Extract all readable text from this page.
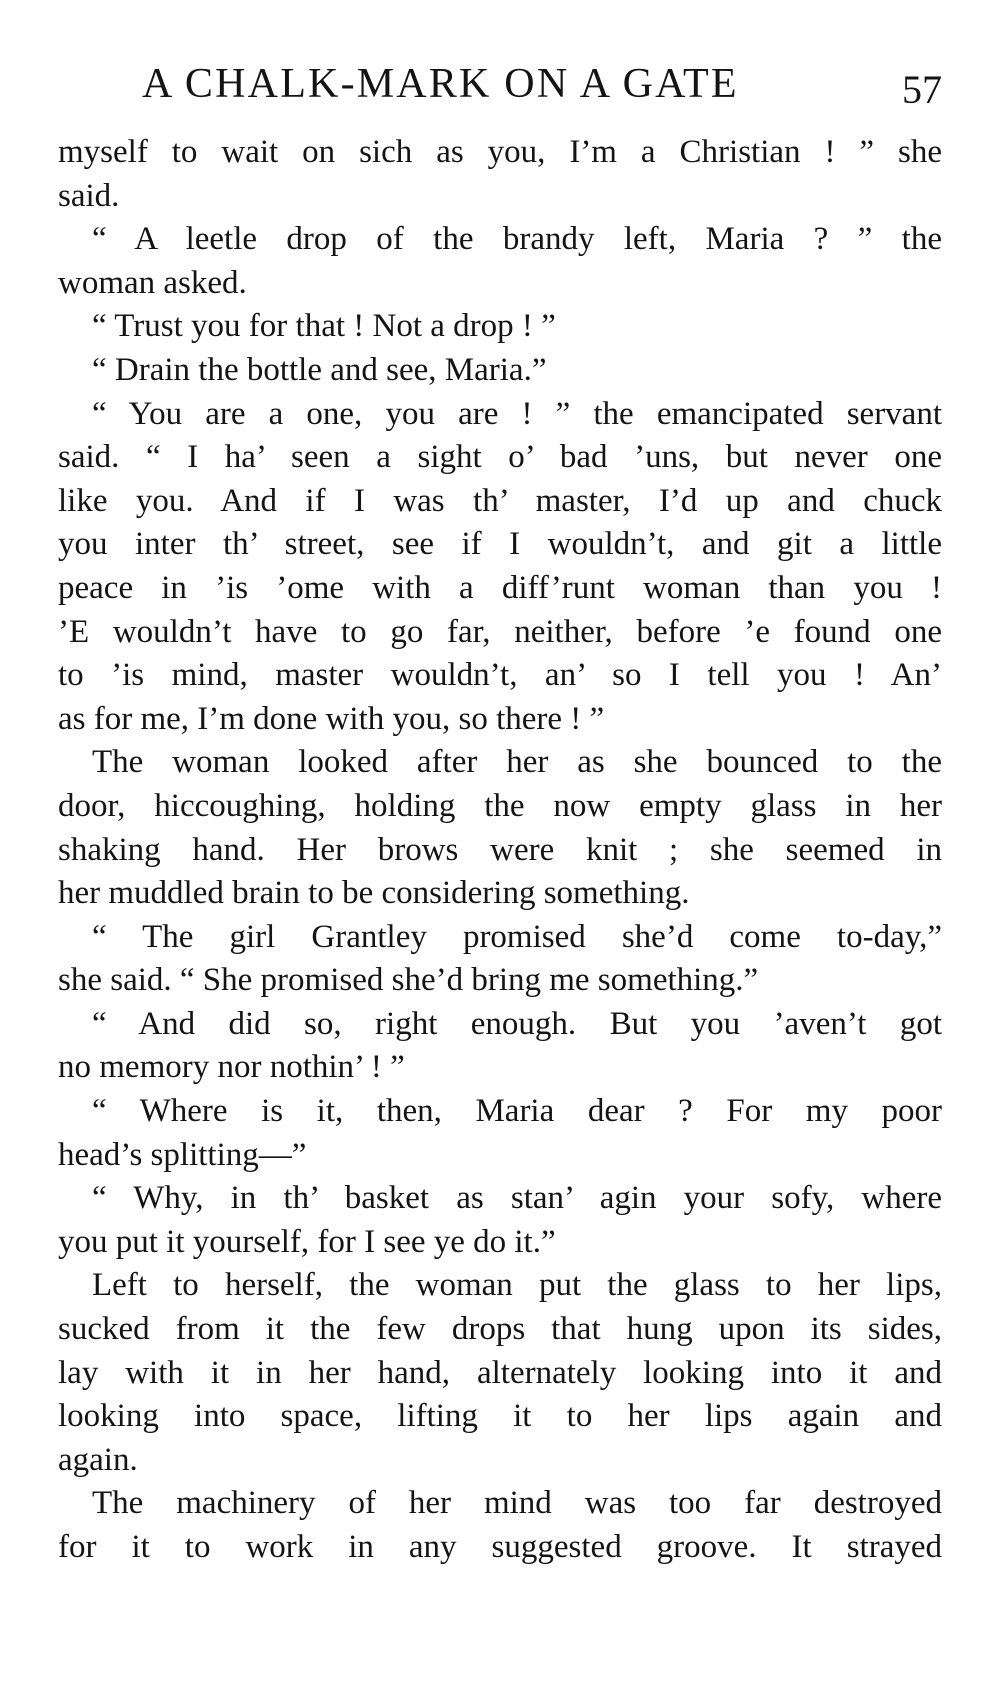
A CHALK-MARK ON A GATE	57
myself to wait on sich as you, I’m a Christian ! ” she
said.
“ A leetle drop of the brandy left, Maria ? ” the
woman asked.
“ Trust you for that ! Not a drop ! ”
“ Drain the bottle and see, Maria.”
“ You are a one, you are ! ” the emancipated servant
said. “ I ha’ seen a sight o’ bad ’uns, but never one
like you. And if I was th’ master, I’d up and chuck
you inter th’ street, see if I wouldn’t, and git a little
peace in ’is ’ome with a diff’runt woman than you !
’E wouldn’t have to go far, neither, before ’e found one
to ’is mind, master wouldn’t, an’ so I tell you ! An’
as for me, I’m done with you, so there ! ”
The woman looked after her as she bounced to the
door, hiccoughing, holding the now empty glass in her
shaking hand. Her brows were knit ; she seemed in
her muddled brain to be considering something.
“ The girl Grantley promised she’d come to-day,”
she said. “ She promised she’d bring me something.”
“ And did so, right enough. But you ’aven’t got
no memory nor nothin’ ! ”
“ Where is it, then, Maria dear ? For my poor
head’s splitting—”
“ Why, in th’ basket as stan’ agin your sofy, where
you put it yourself, for I see ye do it.”
Left to herself, the woman put the glass to her lips,
sucked from it the few drops that hung upon its sides,
lay with it in her hand, alternately looking into it and
looking into space, lifting it to her lips again and
again.
The machinery of her mind was too far destroyed
for it to work in any suggested groove. It strayed
